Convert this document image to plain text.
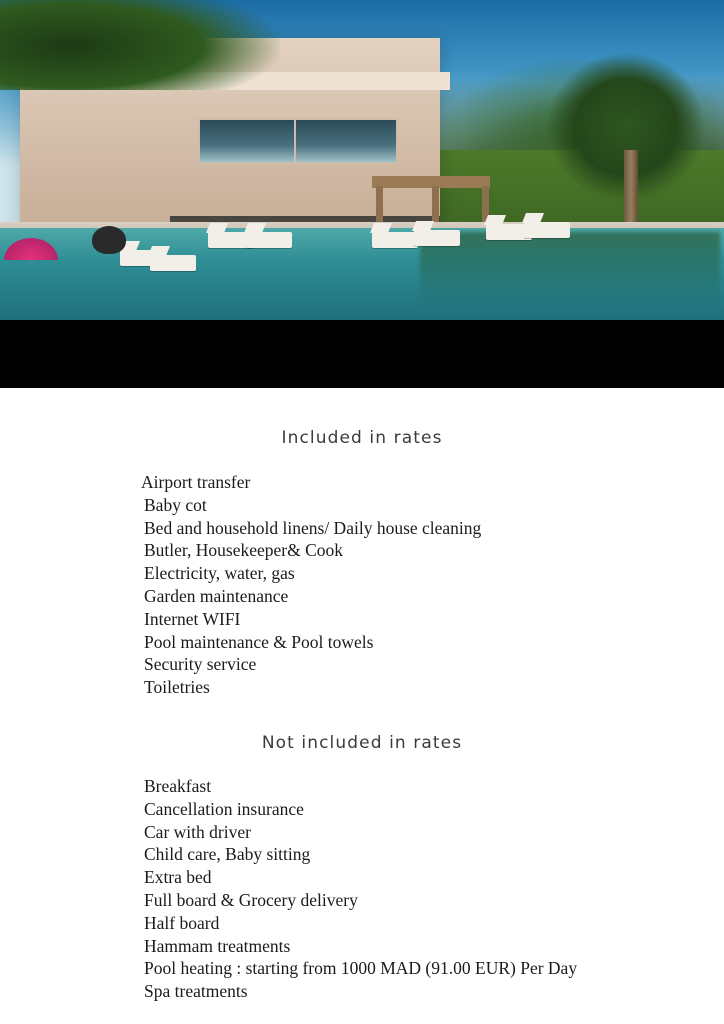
Included in rates
Airport transfer
Baby cot
Bed and household linens/ Daily house cleaning
Butler, Housekeeper& Cook
Electricity, water, gas
Garden maintenance
Internet WIFI
Pool maintenance & Pool towels
Security service
Toiletries
Not included in rates
Breakfast
Cancellation insurance
Car with driver
Child care, Baby sitting
Extra bed
Full board & Grocery delivery
Half board
Hammam treatments
Pool heating : starting from 1000 MAD (91.00 EUR) Per Day
Spa treatments
